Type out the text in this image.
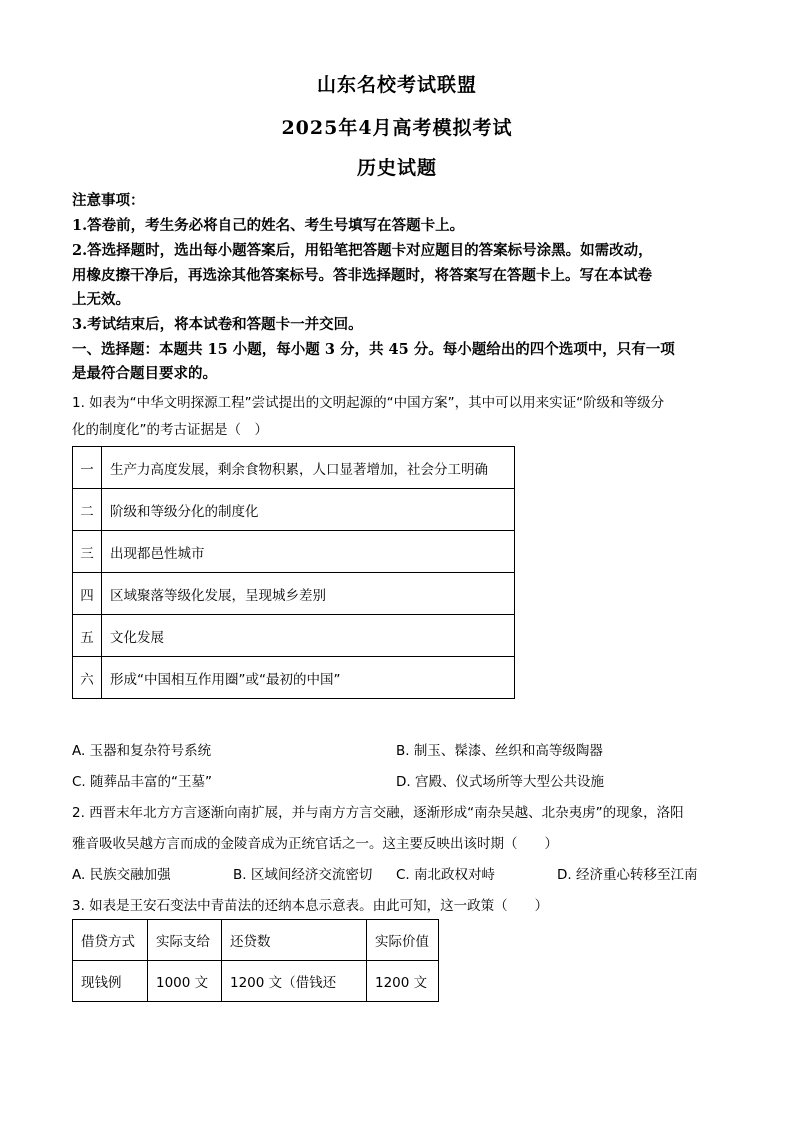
山东名校考试联盟
2025年4月高考模拟考试
历史试题
注意事项：
1.答卷前，考生务必将自己的姓名、考生号填写在答题卡上。
2.答选择题时，选出每小题答案后，用铅笔把答题卡对应题目的答案标号涂黑。如需改动，
用橡皮擦干净后，再选涂其他答案标号。答非选择题时，将答案写在答题卡上。写在本试卷
上无效。
3.考试结束后，将本试卷和答题卡一并交回。
一、选择题：本题共 15 小题，每小题 3 分，共 45 分。每小题给出的四个选项中，只有一项
是最符合题目要求的。
1. 如表为“中华文明探源工程”尝试提出的文明起源的“中国方案”，其中可以用来实证“阶级和等级分
化的制度化”的考古证据是（　）
一	生产力高度发展，剩余食物积累，人口显著增加，社会分工明确
二	阶级和等级分化的制度化
三	出现都邑性城市
四	区域聚落等级化发展，呈现城乡差别
五	文化发展
六	形成“中国相互作用圈”或“最初的中国”
A. 玉器和复杂符号系统	B. 制玉、髹漆、丝织和高等级陶器
C. 随葬品丰富的“王墓”	D. 宫殿、仪式场所等大型公共设施
2. 西晋末年北方方言逐渐向南扩展，并与南方方言交融，逐渐形成“南杂吴越、北杂夷虏”的现象，洛阳
雅音吸收吴越方言而成的金陵音成为正统官话之一。这主要反映出该时期（　　）
A. 民族交融加强	B. 区域间经济交流密切 C. 南北政权对峙	D. 经济重心转移至江南
3. 如表是王安石变法中青苗法的还纳本息示意表。由此可知，这一政策（　　）
借贷方式	实际支给	还贷数	实际价值
现钱例	1000 文	1200 文（借钱还	1200 文
